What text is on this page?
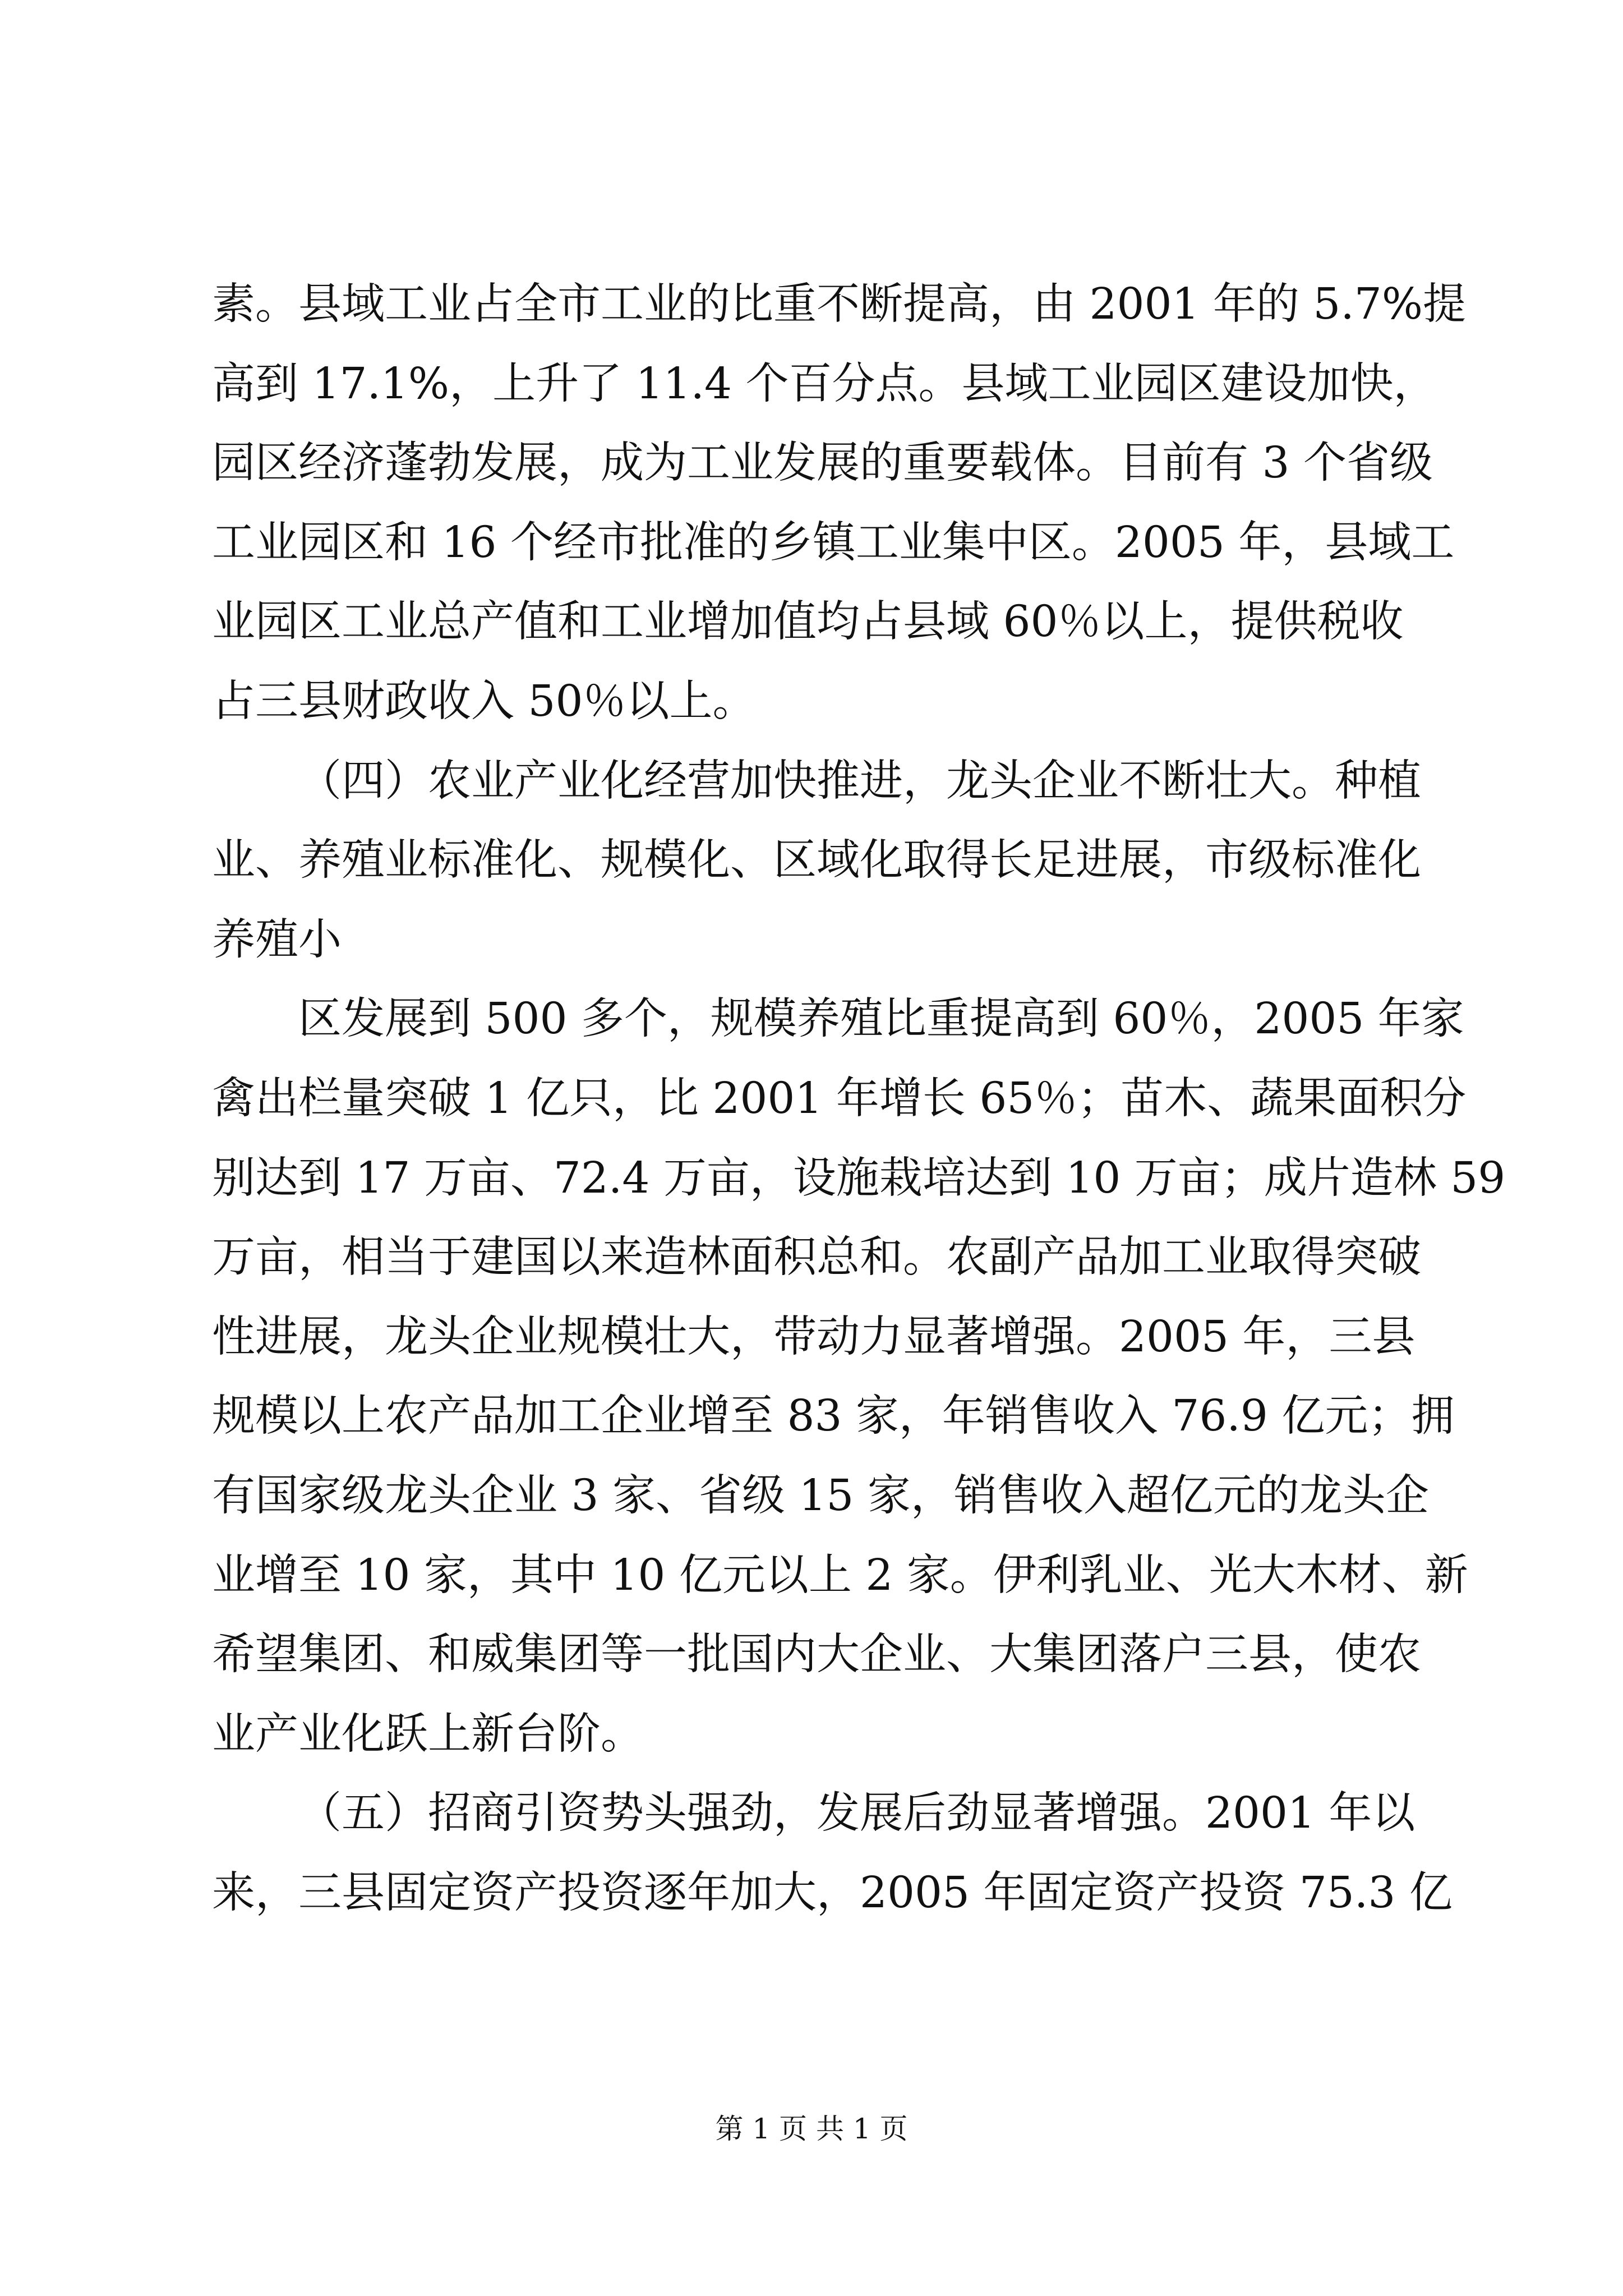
素。县域工业占全市工业的比重不断提高，由 2001 年的 5.7%提
高到 17.1%，上升了 11.4 个百分点。县域工业园区建设加快，
园区经济蓬勃发展，成为工业发展的重要载体。目前有 3 个省级
工业园区和 16 个经市批准的乡镇工业集中区。2005 年，县域工
业园区工业总产值和工业增加值均占县域 60％以上，提供税收
占三县财政收入 50％以上。
（四）农业产业化经营加快推进，龙头企业不断壮大。种植
业、养殖业标准化、规模化、区域化取得长足进展，市级标准化
养殖小
区发展到 500 多个，规模养殖比重提高到 60％，2005 年家
禽出栏量突破 1 亿只，比 2001 年增长 65％；苗木、蔬果面积分
别达到 17 万亩、72.4 万亩，设施栽培达到 10 万亩；成片造林 59
万亩，相当于建国以来造林面积总和。农副产品加工业取得突破
性进展，龙头企业规模壮大，带动力显著增强。2005 年，三县
规模以上农产品加工企业增至 83 家，年销售收入 76.9 亿元；拥
有国家级龙头企业 3 家、省级 15 家，销售收入超亿元的龙头企
业增至 10 家，其中 10 亿元以上 2 家。伊利乳业、光大木材、新
希望集团、和威集团等一批国内大企业、大集团落户三县，使农
业产业化跃上新台阶。
（五）招商引资势头强劲，发展后劲显著增强。2001 年以
来，三县固定资产投资逐年加大，2005 年固定资产投资 75.3 亿
第 1 页 共 1 页
